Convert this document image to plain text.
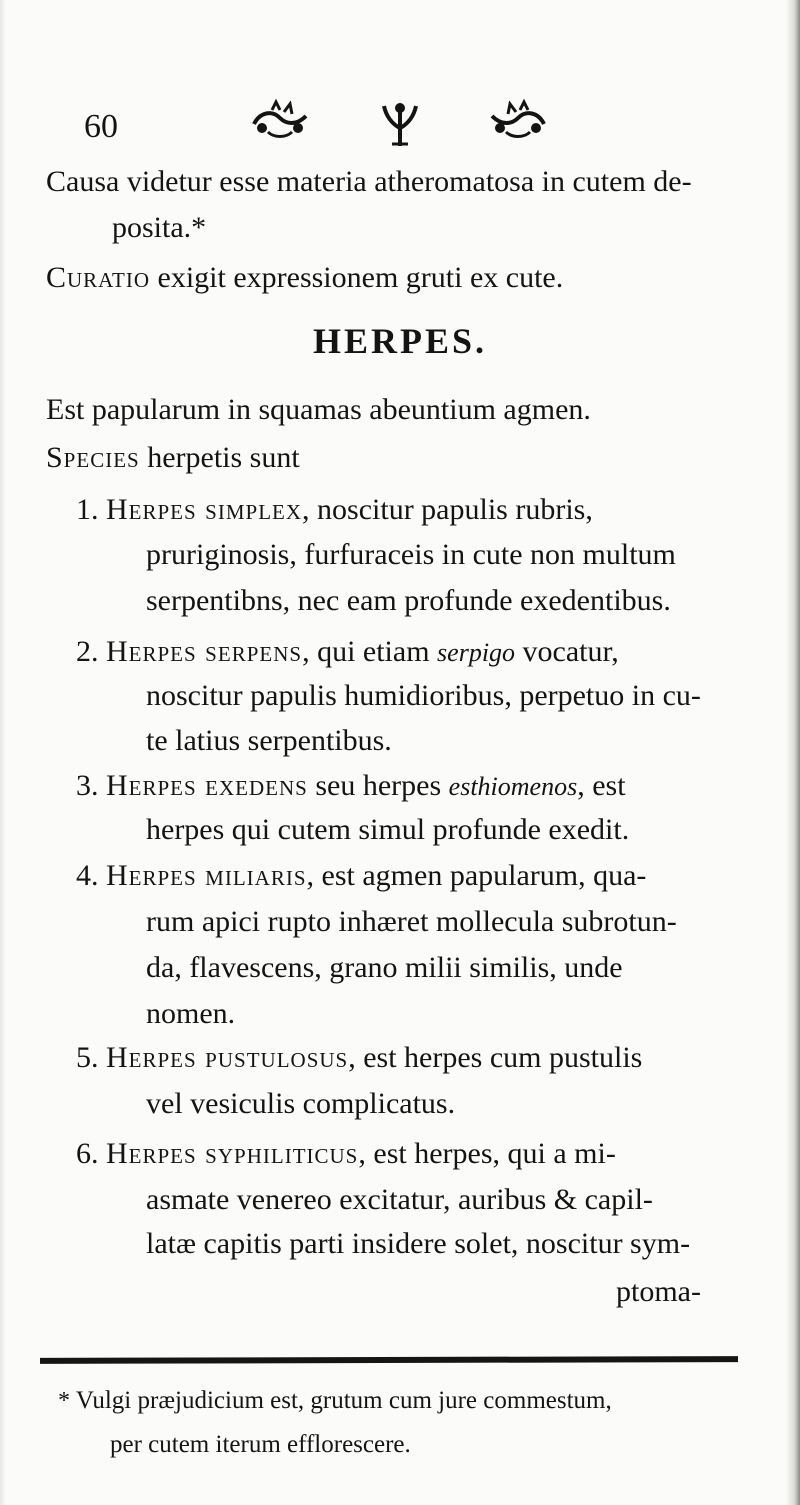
60
Causa videtur esse materia atheromatosa in cutem de-
posita.*
Curatio exigit expressionem gruti ex cute.
HERPES.
Est papularum in squamas abeuntium agmen.
Species herpetis sunt
1. Herpes simplex, noscitur papulis rubris,
pruriginosis, furfuraceis in cute non multum
serpentibns, nec eam profunde exedentibus.
2. Herpes serpens, qui etiam serpigo vocatur,
noscitur papulis humidioribus, perpetuo in cu-
te latius serpentibus.
3. Herpes exedens seu herpes esthiomenos, est
herpes qui cutem simul profunde exedit.
4. Herpes miliaris, est agmen papularum, qua-
rum apici rupto inhæret mollecula subrotun-
da, flavescens, grano milii similis, unde
nomen.
5. Herpes pustulosus, est herpes cum pustulis
vel vesiculis complicatus.
6. Herpes syphiliticus, est herpes, qui a mi-
asmate venereo excitatur, auribus & capil-
latæ capitis parti insidere solet, noscitur sym-
ptoma-
* Vulgi præjudicium est, grutum cum jure commestum,
per cutem iterum efflorescere.
